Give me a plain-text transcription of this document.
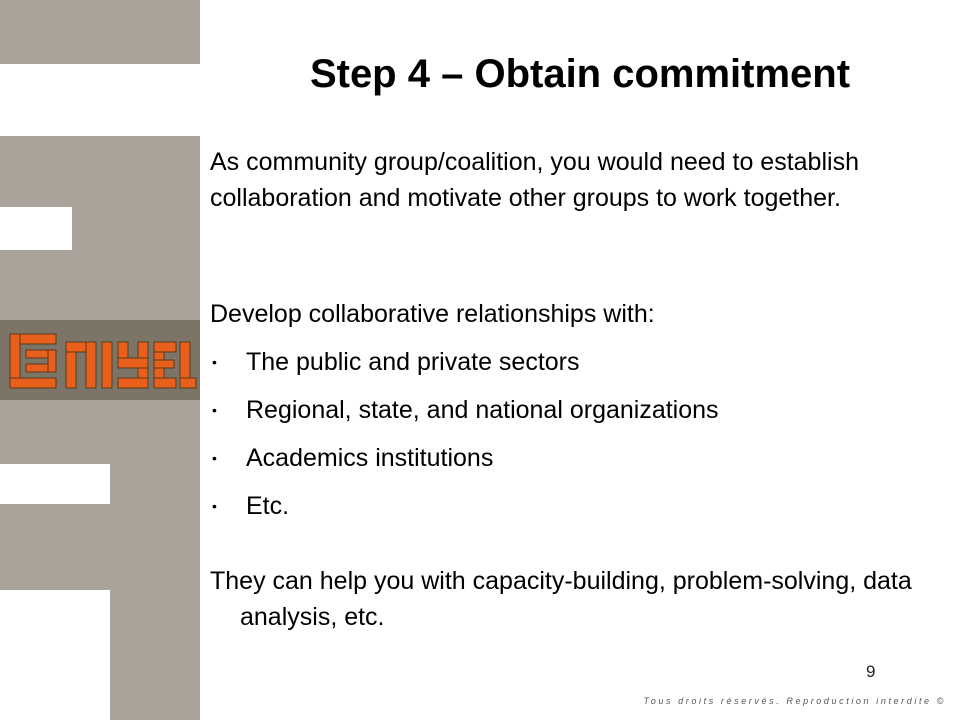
Step 4 – Obtain commitment
As community group/coalition, you would need to establish collaboration and motivate other groups to work together.
Develop collaborative relationships with:
• The public and private sectors
• Regional, state, and national organizations
• Academics institutions
• Etc.
They can help you with capacity-building, problem-solving, data analysis, etc.
9
Tous droits réservés. Reproduction interdite ©
